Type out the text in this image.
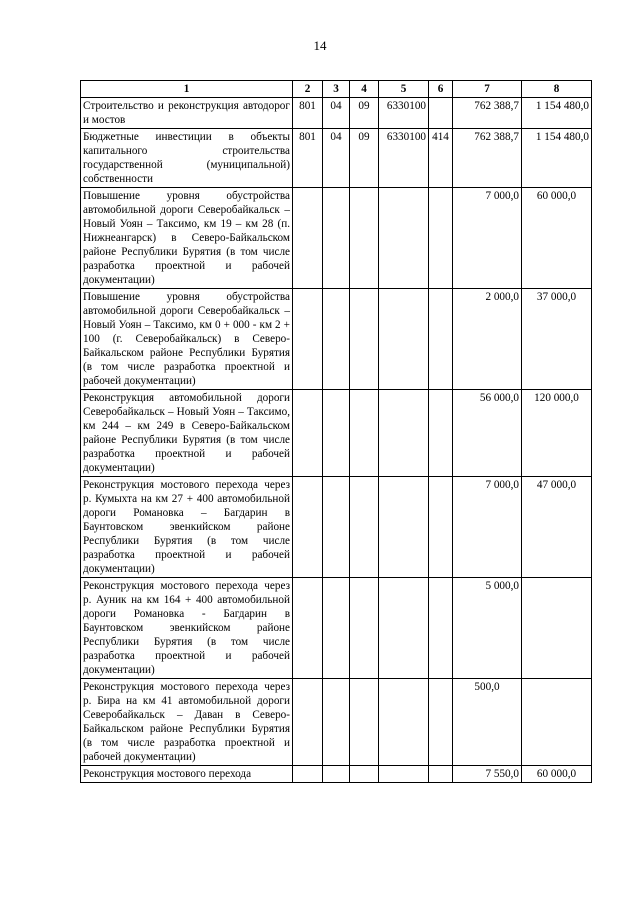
14
1	2	3	4	5	6	7	8
Строительство и реконструкция автодорог и мостов	801	04	09	6330100		762 388,7	1 154 480,0
Бюджетные инвестиции в объекты капитального строительства государственной (муниципальной) собственности	801	04	09	6330100	414	762 388,7	1 154 480,0
Повышение уровня обустройства автомобильной дороги Северобайкальск – Новый Уоян – Таксимо, км 19 – км 28 (п. Нижнеангарск) в Северо-Байкальском районе Республики Бурятия (в том числе разработка проектной и рабочей документации)						7 000,0	60 000,0
Повышение уровня обустройства автомобильной дороги Северобайкальск – Новый Уоян – Таксимо, км 0 + 000 - км 2 + 100 (г. Северобайкальск) в Северо-Байкальском районе Республики Бурятия (в том числе разработка проектной и рабочей документации)						2 000,0	37 000,0
Реконструкция автомобильной дороги Северобайкальск – Новый Уоян – Таксимо, км 244 – км 249 в Северо-Байкальском районе Республики Бурятия (в том числе разработка проектной и рабочей документации)						56 000,0	120 000,0
Реконструкция мостового перехода через р. Кумыхта на км 27 + 400 автомобильной дороги Романовка – Багдарин в Баунтовском эвенкийском районе Республики Бурятия (в том числе разработка проектной и рабочей документации)						7 000,0	47 000,0
Реконструкция мостового перехода через р. Ауник на км 164 + 400 автомобильной дороги Романовка - Багдарин в Баунтовском эвенкийском районе Республики Бурятия (в том числе разработка проектной и рабочей документации)						5 000,0	
Реконструкция мостового перехода через р. Бира на км 41 автомобильной дороги Северобайкальск – Даван в Северо-Байкальском районе Республики Бурятия (в том числе разработка проектной и рабочей документации)						500,0	
Реконструкция мостового перехода						7 550,0	60 000,0
